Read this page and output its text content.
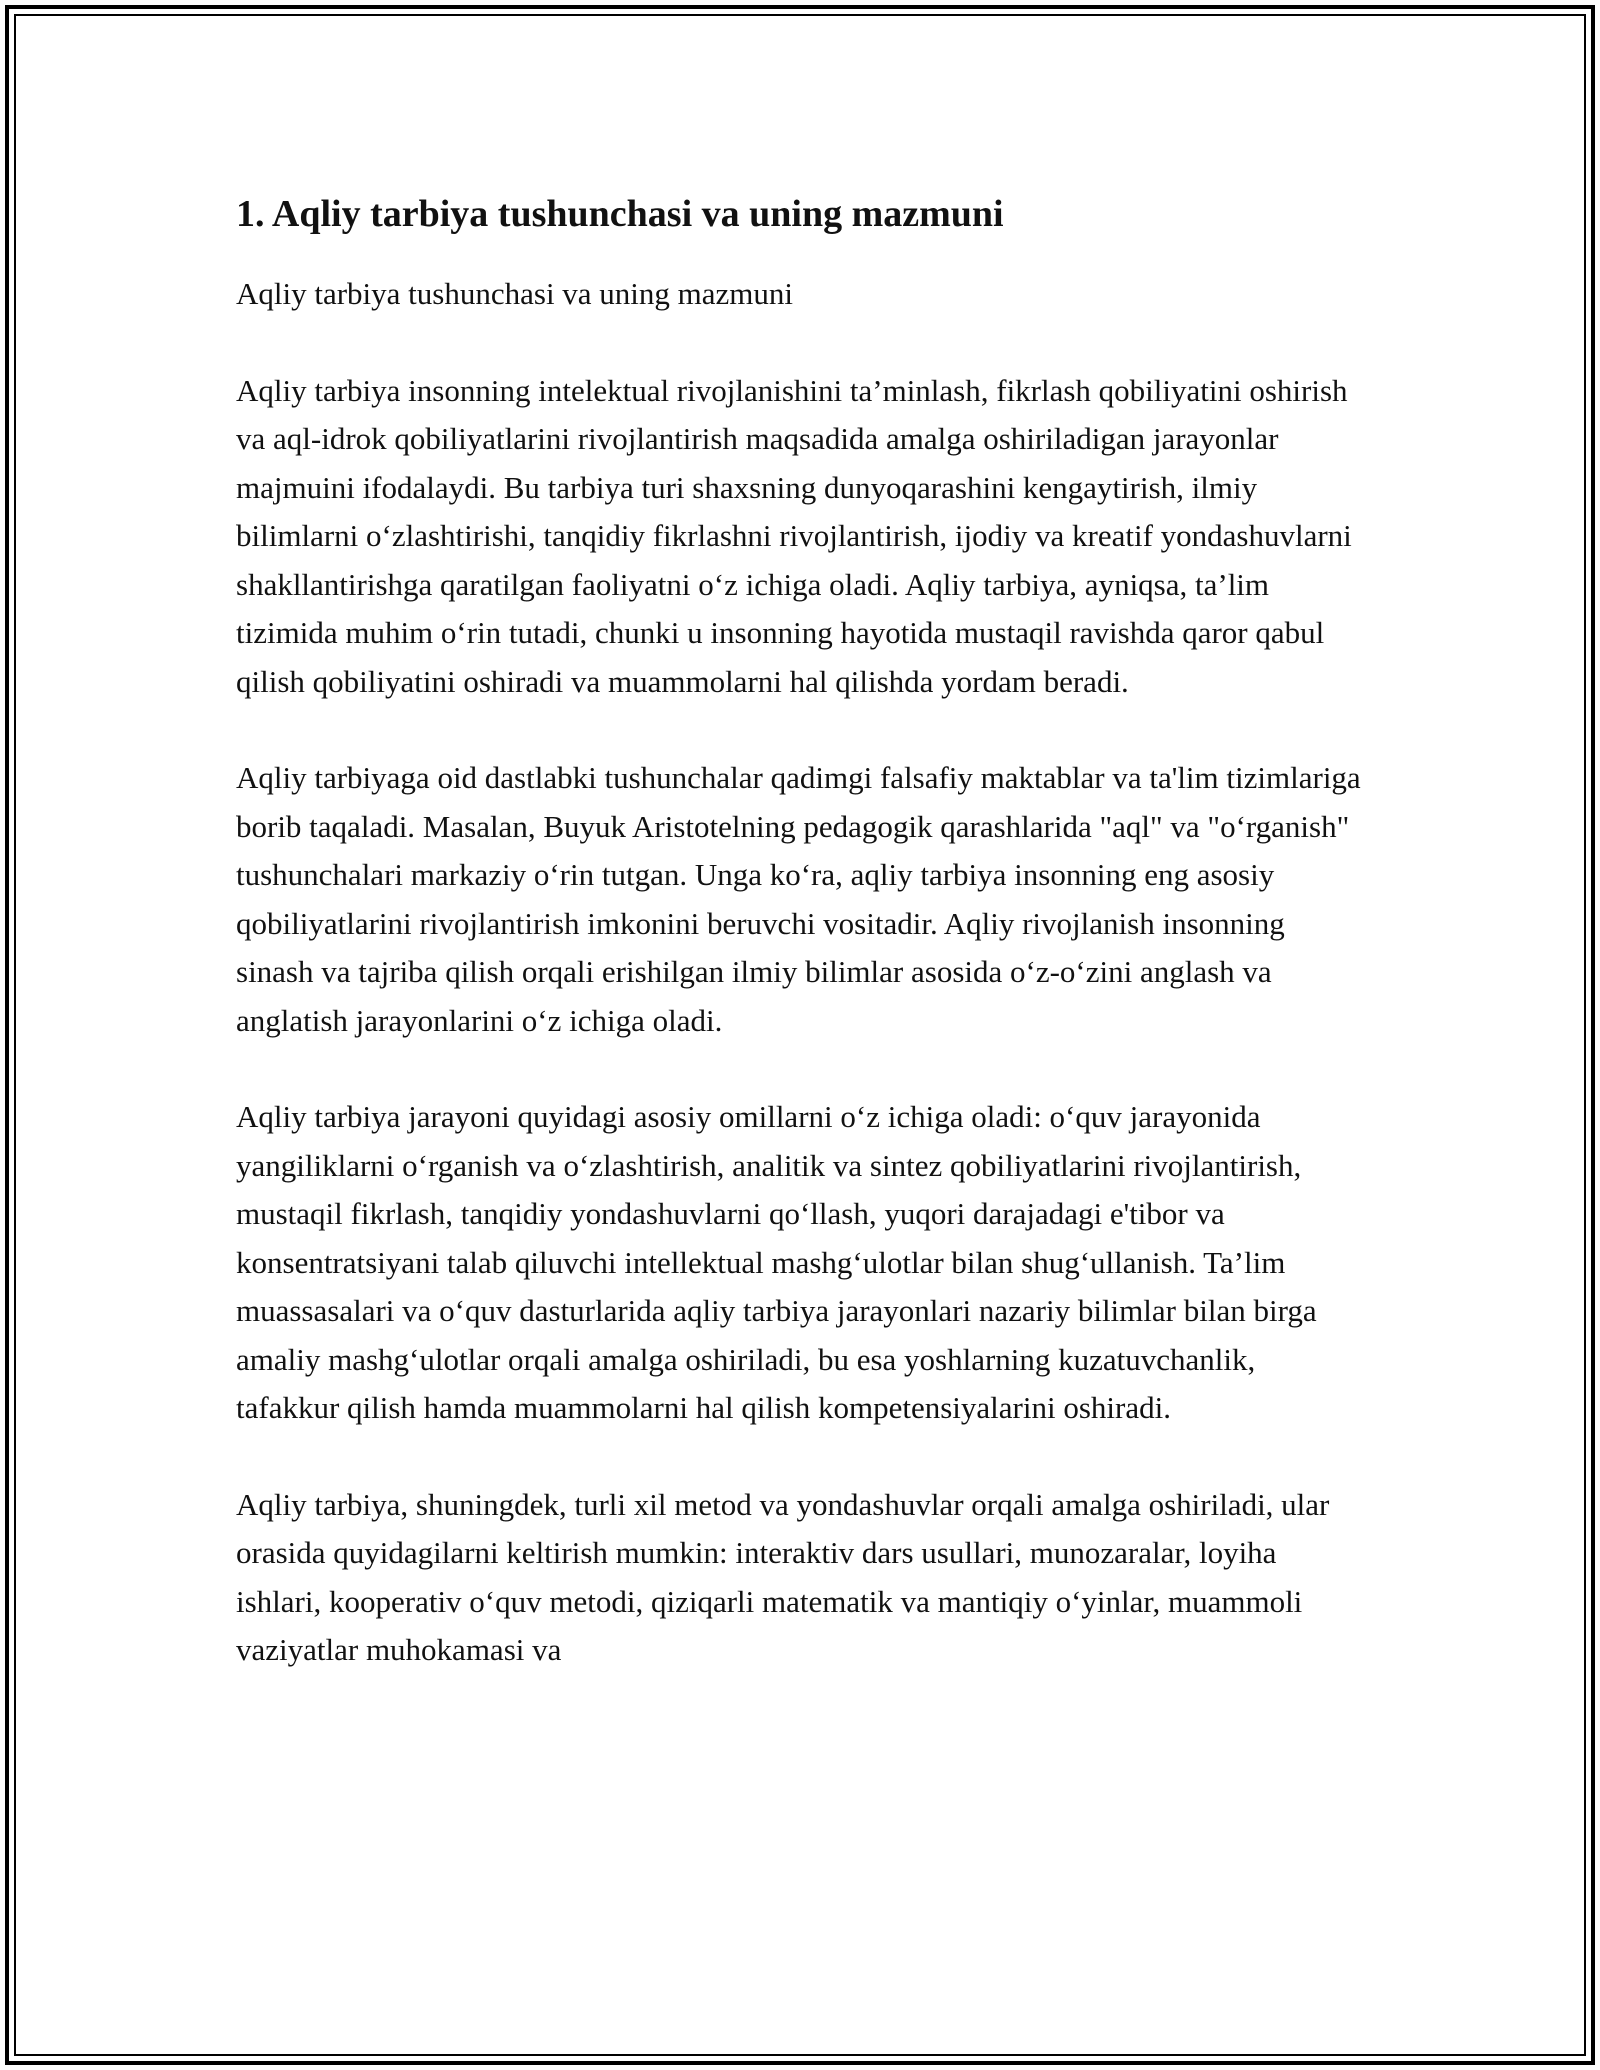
1. Aqliy tarbiya tushunchasi va uning mazmuni

Aqliy tarbiya tushunchasi va uning mazmuni

Aqliy tarbiya insonning intelektual rivojlanishini ta’minlash, fikrlash qobiliyatini oshirish va aql-idrok qobiliyatlarini rivojlantirish maqsadida amalga oshiriladigan jarayonlar majmuini ifodalaydi. Bu tarbiya turi shaxsning dunyoqarashini kengaytirish, ilmiy bilimlarni o‘zlashtirishi, tanqidiy fikrlashni rivojlantirish, ijodiy va kreatif yondashuvlarni shakllantirishga qaratilgan faoliyatni o‘z ichiga oladi. Aqliy tarbiya, ayniqsa, ta’lim tizimida muhim o‘rin tutadi, chunki u insonning hayotida mustaqil ravishda qaror qabul qilish qobiliyatini oshiradi va muammolarni hal qilishda yordam beradi.

Aqliy tarbiyaga oid dastlabki tushunchalar qadimgi falsafiy maktablar va ta'lim tizimlariga borib taqaladi. Masalan, Buyuk Aristotelning pedagogik qarashlarida "aql" va "o‘rganish" tushunchalari markaziy o‘rin tutgan. Unga ko‘ra, aqliy tarbiya insonning eng asosiy qobiliyatlarini rivojlantirish imkonini beruvchi vositadir. Aqliy rivojlanish insonning sinash va tajriba qilish orqali erishilgan ilmiy bilimlar asosida o‘z-o‘zini anglash va anglatish jarayonlarini o‘z ichiga oladi.

Aqliy tarbiya jarayoni quyidagi asosiy omillarni o‘z ichiga oladi: o‘quv jarayonida yangiliklarni o‘rganish va o‘zlashtirish, analitik va sintez qobiliyatlarini rivojlantirish, mustaqil fikrlash, tanqidiy yondashuvlarni qo‘llash, yuqori darajadagi e'tibor va konsentratsiyani talab qiluvchi intellektual mashg‘ulotlar bilan shug‘ullanish. Ta’lim muassasalari va o‘quv dasturlarida aqliy tarbiya jarayonlari nazariy bilimlar bilan birga amaliy mashg‘ulotlar orqali amalga oshiriladi, bu esa yoshlarning kuzatuvchanlik, tafakkur qilish hamda muammolarni hal qilish kompetensiyalarini oshiradi.

Aqliy tarbiya, shuningdek, turli xil metod va yondashuvlar orqali amalga oshiriladi, ular orasida quyidagilarni keltirish mumkin: interaktiv dars usullari, munozaralar, loyiha ishlari, kooperativ o‘quv metodi, qiziqarli matematik va mantiqiy o‘yinlar, muammoli vaziyatlar muhokamasi va
